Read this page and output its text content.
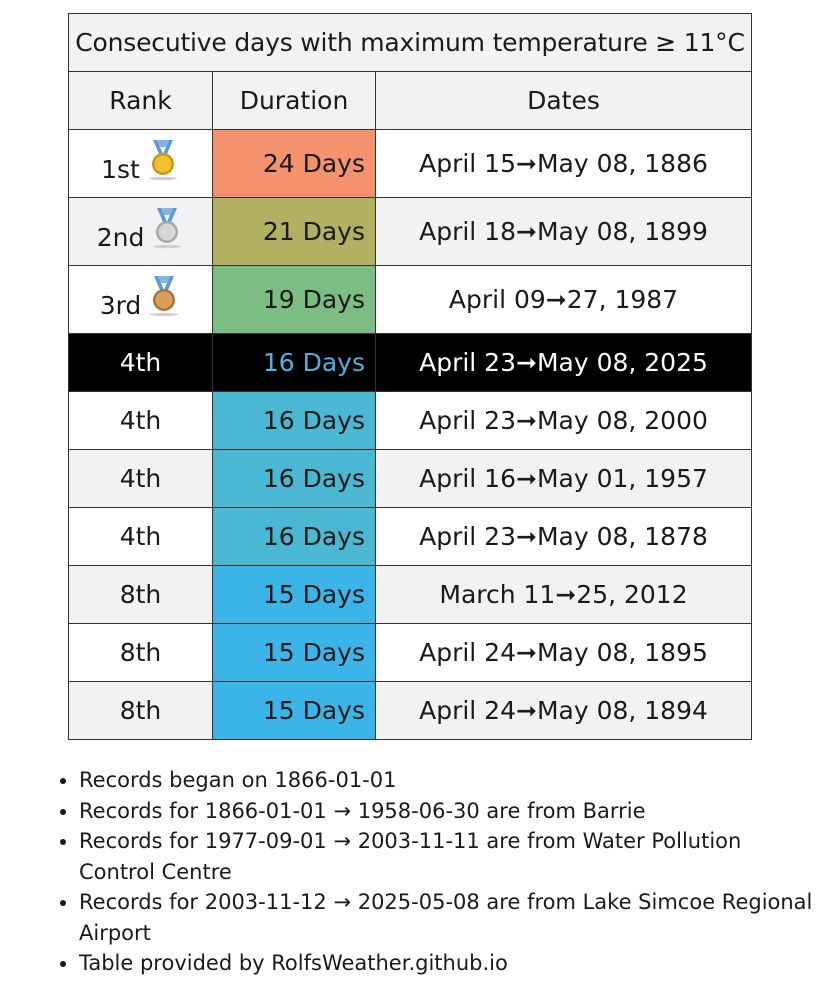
Consecutive days with maximum temperature ≥ 11°C		
Rank	Duration	Dates

1st	24 Days	April 15➞May 08, 1886

2nd	21 Days	April 18➞May 08, 1899

3rd	19 Days	April 09➞27, 1987
4th	16 Days	April 23➞May 08, 2025
4th	16 Days	April 23➞May 08, 2000
4th	16 Days	April 16➞May 01, 1957
4th	16 Days	April 23➞May 08, 1878
8th	15 Days	March 11➞25, 2012
8th	15 Days	April 24➞May 08, 1895
8th	15 Days	April 24➞May 08, 1894
• Records began on 1866-01-01
• Records for 1866-01-01 → 1958-06-30 are from Barrie
• Records for 1977-09-01 → 2003-11-11 are from Water Pollution Control Centre
• Records for 2003-11-12 → 2025-05-08 are from Lake Simcoe Regional Airport
• Table provided by RolfsWeather.github.io
